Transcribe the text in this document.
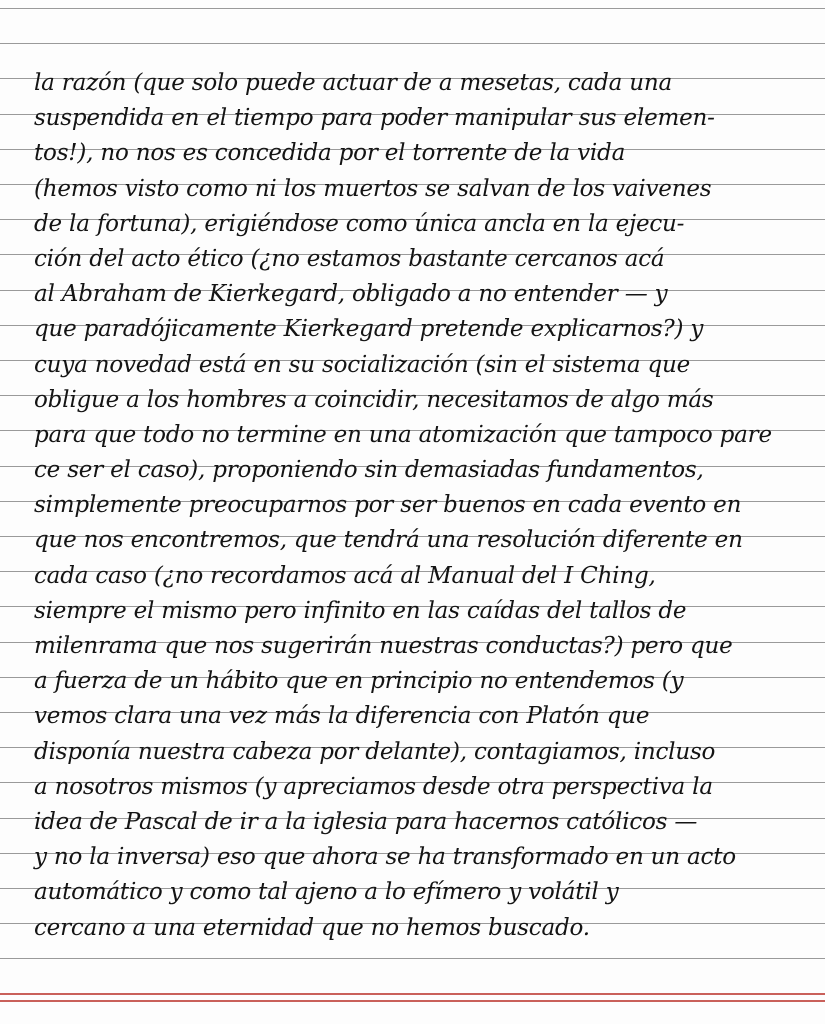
la razón (que solo puede actuar de a mesetas, cada una
suspendida en el tiempo para poder manipular sus elemen-
tos!), no nos es concedida por el torrente de la vida
(hemos visto como ni los muertos se salvan de los vaivenes
de la fortuna), erigiéndose como única ancla en la ejecu-
ción del acto ético (¿no estamos bastante cercanos acá
al Abraham de Kierkegard, obligado a no entender — y
que paradójicamente Kierkegard pretende explicarnos?) y
cuya novedad está en su socialización (sin el sistema que
obligue a los hombres a coincidir, necesitamos de algo más
para que todo no termine en una atomización que tampoco pare
ce ser el caso), proponiendo sin demasiadas fundamentos,
simplemente preocuparnos por ser buenos en cada evento en
que nos encontremos, que tendrá una resolución diferente en
cada caso (¿no recordamos acá al Manual del I Ching,
siempre el mismo pero infinito en las caídas del tallos de
milenrama que nos sugerirán nuestras conductas?) pero que
a fuerza de un hábito que en principio no entendemos (y
vemos clara una vez más la diferencia con Platón que
disponía nuestra cabeza por delante), contagiamos, incluso
a nosotros mismos (y apreciamos desde otra perspectiva la
idea de Pascal de ir a la iglesia para hacernos católicos —
y no la inversa) eso que ahora se ha transformado en un acto
automático y como tal ajeno a lo efímero y volátil y
cercano a una eternidad que no hemos buscado.
